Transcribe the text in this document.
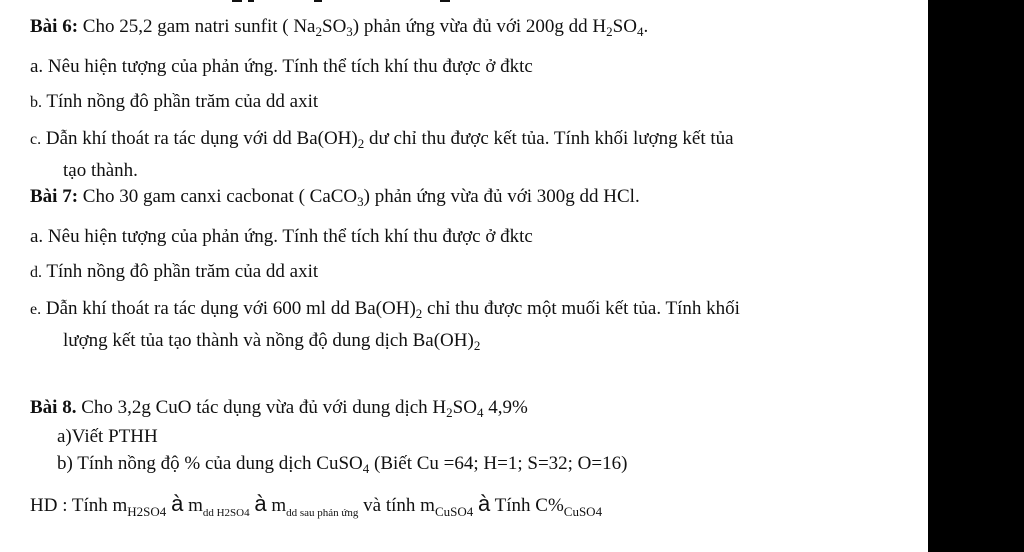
Bài 6: Cho 25,2 gam natri sunfit ( $Na_2SO_3$) phản ứng vừa đủ với 200g dd $H_2SO_4$.
a. Nêu hiện tượng của phản ứng. Tính thể tích khí thu được ở đktc
b. Tính nồng đô phần trăm của dd axit
c. Dẫn khí thoát ra tác dụng với dd $Ba(OH)_2$ dư chỉ thu được kết tủa. Tính khối lượng kết tủa
tạo thành.
Bài 7: Cho 30 gam canxi cacbonat ( CaCO$_3$) phản ứng vừa đủ với 300g dd HCl.
a. Nêu hiện tượng của phản ứng. Tính thể tích khí thu được ở đktc
d. Tính nồng đô phần trăm của dd axit
e. Dẫn khí thoát ra tác dụng với 600 ml dd $Ba(OH)_2$ chỉ thu được một muối kết tủa. Tính khối
lượng kết tủa tạo thành và nồng độ dung dịch $Ba(OH)_2$
Bài 8. Cho 3,2g CuO tác dụng vừa đủ với dung dịch $H_2SO_4$ 4,9%
a)Viết PTHH
b) Tính nồng độ % của dung dịch CuSO$_4$ (Biết Cu =64; H=1; S=32; O=16)
HD : Tính $m_{H2SO4}$ à $m_{dd H2SO4}$ à $m_{dd sau phản ứng}$ và tính $m_{CuSO4}$ à Tính $C\%_{CuSO4}$
